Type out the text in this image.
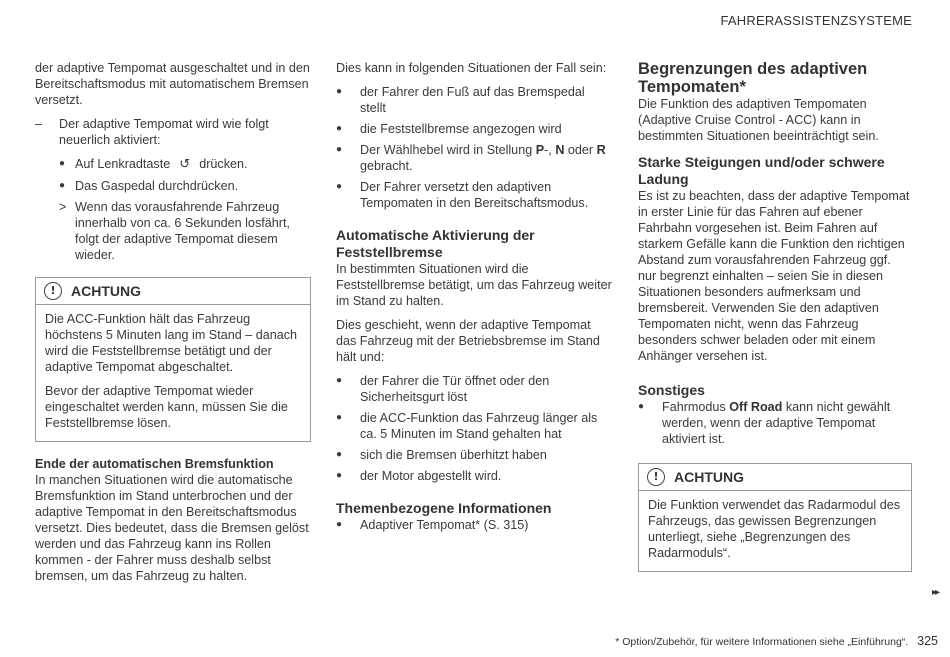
FAHRERASSISTENZSYSTEME

der adaptive Tempomat ausgeschaltet und in den Bereitschaftsmodus mit automatischem Bremsen versetzt.

–	Der adaptive Tempomat wird wie folgt neuerlich aktiviert:
● Auf Lenkradtaste ↺ drücken.
● Das Gaspedal durchdrücken.
> Wenn das vorausfahrende Fahrzeug innerhalb von ca. 6 Sekunden losfährt, folgt der adaptive Tempomat diesem wieder.
!	ACHTUNG

Die ACC-Funktion hält das Fahrzeug höchstens 5 Minuten lang im Stand – danach wird die Feststellbremse betätigt und der adaptive Tempomat abgeschaltet.

Bevor der adaptive Tempomat wieder eingeschaltet werden kann, müssen Sie die Feststellbremse lösen.

Ende der automatischen Bremsfunktion

In manchen Situationen wird die automatische Bremsfunktion im Stand unterbrochen und der adaptive Tempomat in den Bereitschaftsmodus versetzt. Dies bedeutet, dass die Bremsen gelöst werden und das Fahrzeug kann ins Rollen kommen - der Fahrer muss deshalb selbst bremsen, um das Fahrzeug zu halten.

Dies kann in folgenden Situationen der Fall sein:

●	der Fahrer den Fuß auf das Bremspedal stellt
●	die Feststellbremse angezogen wird
●	Der Wählhebel wird in Stellung P-, N oder R gebracht.
●	Der Fahrer versetzt den adaptiven Tempomaten in den Bereitschaftsmodus.
Automatische Aktivierung der Feststellbremse

In bestimmten Situationen wird die Feststellbremse betätigt, um das Fahrzeug weiter im Stand zu halten.

Dies geschieht, wenn der adaptive Tempomat das Fahrzeug mit der Betriebsbremse im Stand hält und:

●	der Fahrer die Tür öffnet oder den Sicherheitsgurt löst
●	die ACC-Funktion das Fahrzeug länger als ca. 5 Minuten im Stand gehalten hat
●	sich die Bremsen überhitzt haben
●	der Motor abgestellt wird.
Themenbezogene Informationen
●	Adaptiver Tempomat* (S. 315)
Begrenzungen des adaptiven Tempomaten*

Die Funktion des adaptiven Tempomaten (Adaptive Cruise Control - ACC) kann in bestimmten Situationen beeinträchtigt sein.

Starke Steigungen und/oder schwere Ladung

Es ist zu beachten, dass der adaptive Tempomat in erster Linie für das Fahren auf ebener Fahrbahn vorgesehen ist. Beim Fahren auf starkem Gefälle kann die Funktion den richtigen Abstand zum vorausfahrenden Fahrzeug ggf. nur begrenzt einhalten – seien Sie in diesen Situationen besonders aufmerksam und bremsbereit. Verwenden Sie den adaptiven Tempomaten nicht, wenn das Fahrzeug besonders schwer beladen oder mit einem Anhänger versehen ist.

Sonstiges
●	Fahrmodus Off Road kann nicht gewählt werden, wenn der adaptive Tempomat aktiviert ist.
!	ACHTUNG

Die Funktion verwendet das Radarmodul des Fahrzeugs, das gewissen Begrenzungen unterliegt, siehe „Begrenzungen des Radarmoduls“.

▸▸
* Option/Zubehör, für weitere Informationen siehe „Einführung“. 325
